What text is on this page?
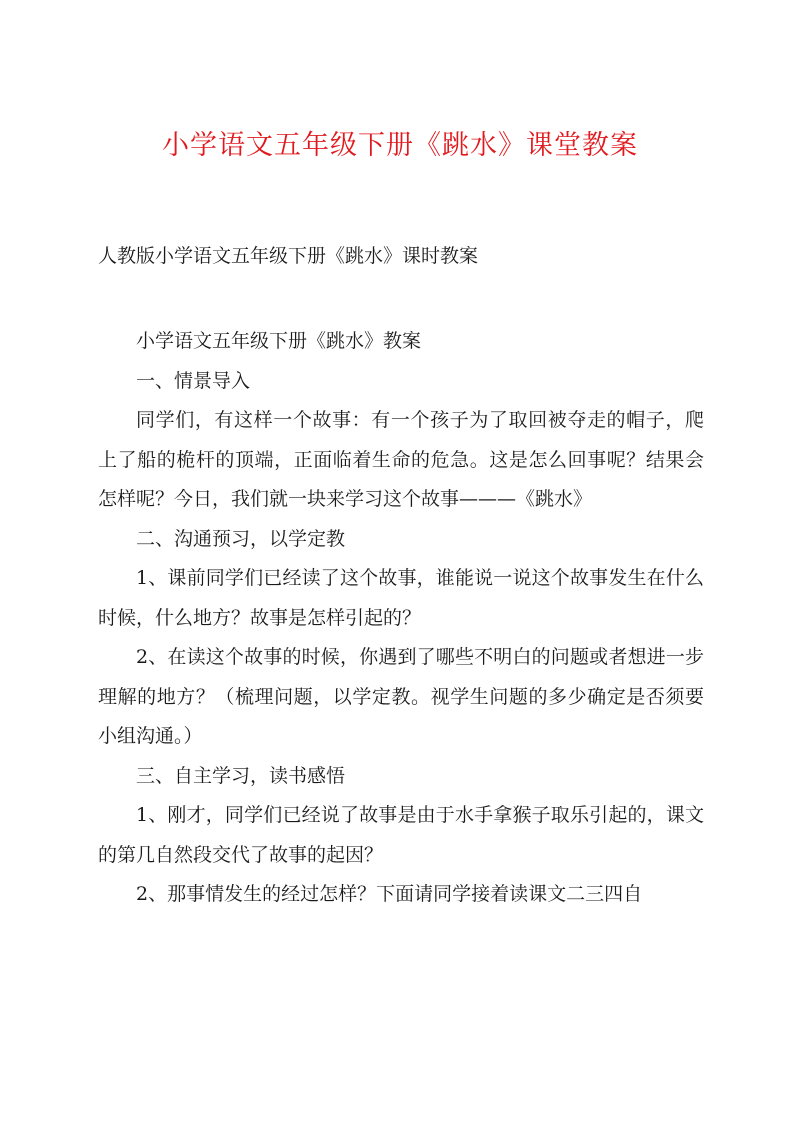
小学语文五年级下册《跳水》课堂教案
人教版小学语文五年级下册《跳水》课时教案

小学语文五年级下册《跳水》教案

一、情景导入

同学们，有这样一个故事：有一个孩子为了取回被夺走的帽子，爬上了船的桅杆的顶端，正面临着生命的危急。这是怎么回事呢？结果会怎样呢？今日，我们就一块来学习这个故事———《跳水》

二、沟通预习，以学定教

1、课前同学们已经读了这个故事，谁能说一说这个故事发生在什么时候，什么地方？故事是怎样引起的？

2、在读这个故事的时候，你遇到了哪些不明白的问题或者想进一步理解的地方？（梳理问题，以学定教。视学生问题的多少确定是否须要小组沟通。）

三、自主学习，读书感悟

1、刚才，同学们已经说了故事是由于水手拿猴子取乐引起的，课文的第几自然段交代了故事的起因？

2、那事情发生的经过怎样？下面请同学接着读课文二三四自
